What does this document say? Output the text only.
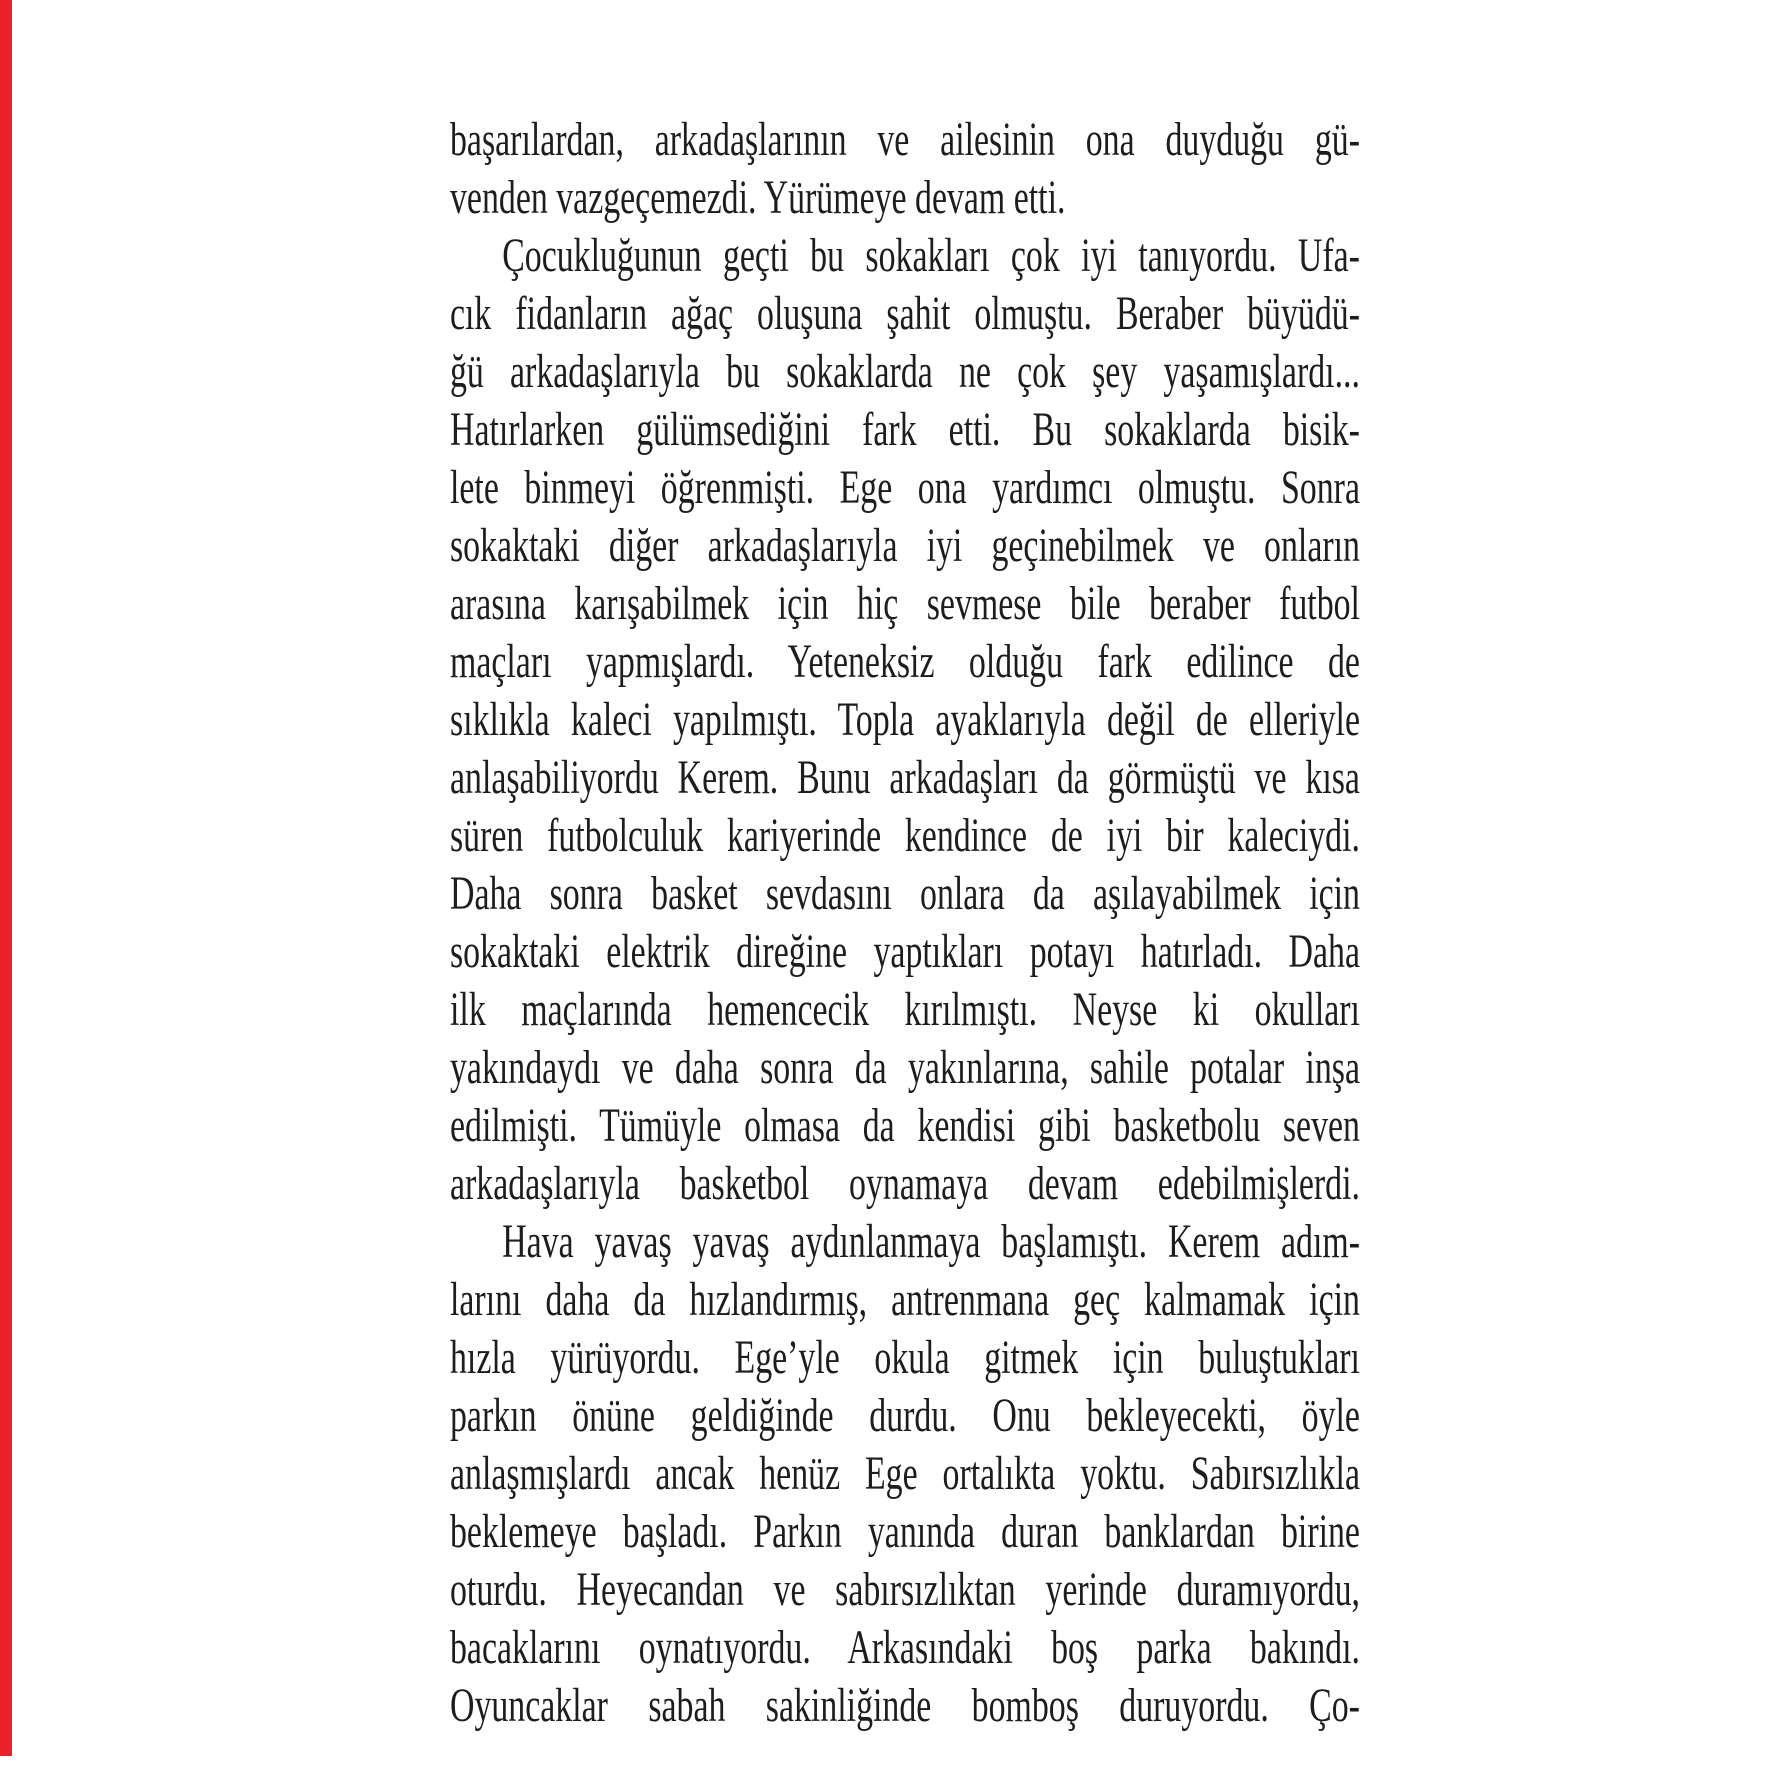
başarılardan, arkadaşlarının ve ailesinin ona duyduğu gü-
venden vazgeçemezdi. Yürümeye devam etti.
Çocukluğunun geçti bu sokakları çok iyi tanıyordu. Ufa-
cık fidanların ağaç oluşuna şahit olmuştu. Beraber büyüdü-
ğü arkadaşlarıyla bu sokaklarda ne çok şey yaşamışlardı...
Hatırlarken gülümsediğini fark etti. Bu sokaklarda bisik-
lete binmeyi öğrenmişti. Ege ona yardımcı olmuştu. Sonra
sokaktaki diğer arkadaşlarıyla iyi geçinebilmek ve onların
arasına karışabilmek için hiç sevmese bile beraber futbol
maçları yapmışlardı. Yeteneksiz olduğu fark edilince de
sıklıkla kaleci yapılmıştı. Topla ayaklarıyla değil de elleriyle
anlaşabiliyordu Kerem. Bunu arkadaşları da görmüştü ve kısa
süren futbolculuk kariyerinde kendince de iyi bir kaleciydi.
Daha sonra basket sevdasını onlara da aşılayabilmek için
sokaktaki elektrik direğine yaptıkları potayı hatırladı. Daha
ilk maçlarında hemencecik kırılmıştı. Neyse ki okulları
yakındaydı ve daha sonra da yakınlarına, sahile potalar inşa
edilmişti. Tümüyle olmasa da kendisi gibi basketbolu seven
arkadaşlarıyla basketbol oynamaya devam edebilmişlerdi.
Hava yavaş yavaş aydınlanmaya başlamıştı. Kerem adım-
larını daha da hızlandırmış, antrenmana geç kalmamak için
hızla yürüyordu. Ege’yle okula gitmek için buluştukları
parkın önüne geldiğinde durdu. Onu bekleyecekti, öyle
anlaşmışlardı ancak henüz Ege ortalıkta yoktu. Sabırsızlıkla
beklemeye başladı. Parkın yanında duran banklardan birine
oturdu. Heyecandan ve sabırsızlıktan yerinde duramıyordu,
bacaklarını oynatıyordu. Arkasındaki boş parka bakındı.
Oyuncaklar sabah sakinliğinde bomboş duruyordu. Ço-
